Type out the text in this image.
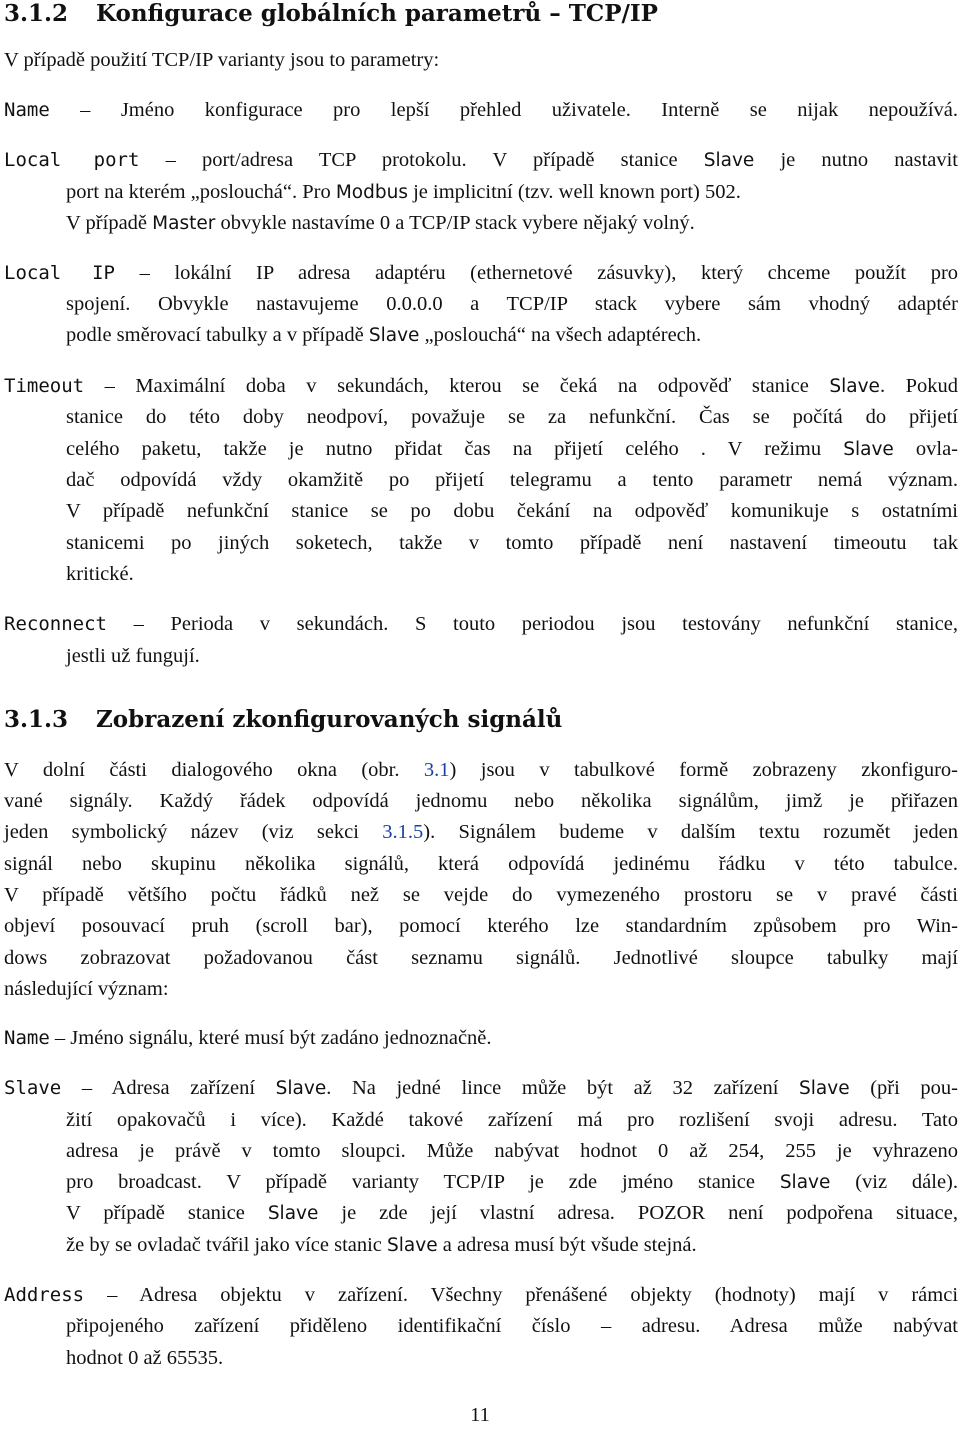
3.1.2 Konfigurace globálních parametrů – TCP/IP

V případě použití TCP/IP varianty jsou to parametry:

Name – Jméno konfigurace pro lepší přehled uživatele. Interně se nijak nepoužívá.

Local port – port/adresa TCP protokolu. V případě stanice Slave je nutno nastavit

port na kterém „poslouchá“. Pro Modbus je implicitní (tzv. well known port) 502.

V případě Master obvykle nastavíme 0 a TCP/IP stack vybere nějaký volný.

Local IP – lokální IP adresa adaptéru (ethernetové zásuvky), který chceme použít pro

spojení. Obvykle nastavujeme 0.0.0.0 a TCP/IP stack vybere sám vhodný adaptér

podle směrovací tabulky a v případě Slave „poslouchá“ na všech adaptérech.

Timeout – Maximální doba v sekundách, kterou se čeká na odpověď stanice Slave. Pokud

stanice do této doby neodpoví, považuje se za nefunkční. Čas se počítá do přijetí

celého paketu, takže je nutno přidat čas na přijetí celého . V režimu Slave ovla-

dač odpovídá vždy okamžitě po přijetí telegramu a tento parametr nemá význam.

V případě nefunkční stanice se po dobu čekání na odpověď komunikuje s ostatními

stanicemi po jiných soketech, takže v tomto případě není nastavení timeoutu tak

kritické.

Reconnect – Perioda v sekundách. S touto periodou jsou testovány nefunkční stanice,

jestli už fungují.

3.1.3 Zobrazení zkonfigurovaných signálů

V dolní části dialogového okna (obr. 3.1) jsou v tabulkové formě zobrazeny zkonfiguro-

vané signály. Každý řádek odpovídá jednomu nebo několika signálům, jimž je přiřazen

jeden symbolický název (viz sekci 3.1.5). Signálem budeme v dalším textu rozumět jeden

signál nebo skupinu několika signálů, která odpovídá jedinému řádku v této tabulce.

V případě většího počtu řádků než se vejde do vymezeného prostoru se v pravé části

objeví posouvací pruh (scroll bar), pomocí kterého lze standardním způsobem pro Win-

dows zobrazovat požadovanou část seznamu signálů. Jednotlivé sloupce tabulky mají

následující význam:

Name – Jméno signálu, které musí být zadáno jednoznačně.

Slave – Adresa zařízení Slave. Na jedné lince může být až 32 zařízení Slave (při pou-

žití opakovačů i více). Každé takové zařízení má pro rozlišení svoji adresu. Tato

adresa je právě v tomto sloupci. Může nabývat hodnot 0 až 254, 255 je vyhrazeno

pro broadcast. V případě varianty TCP/IP je zde jméno stanice Slave (viz dále).

V případě stanice Slave je zde její vlastní adresa. POZOR není podpořena situace,

že by se ovladač tvářil jako více stanic Slave a adresa musí být všude stejná.

Address – Adresa objektu v zařízení. Všechny přenášené objekty (hodnoty) mají v rámci

připojeného zařízení přiděleno identifikační číslo – adresu. Adresa může nabývat

hodnot 0 až 65535.

11
